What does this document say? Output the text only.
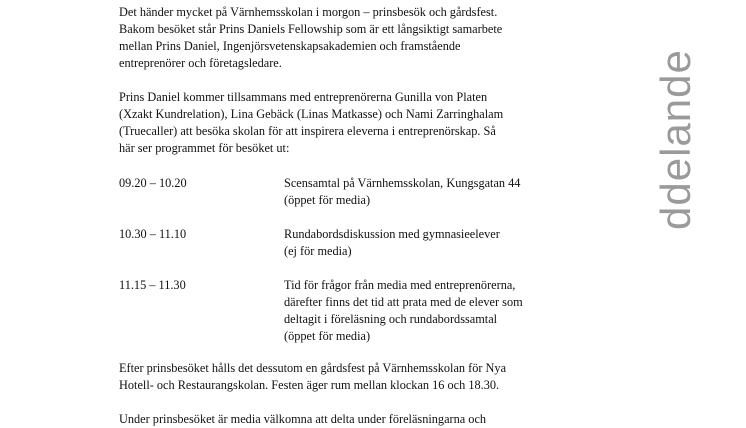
ddelande

Det händer mycket på Värnhemsskolan i morgon – prinsbesök och gårdsfest.

Bakom besöket står Prins Daniels Fellowship som är ett långsiktigt samarbete

mellan Prins Daniel, Ingenjörsvetenskapsakademien och framstående

entreprenörer och företagsledare.

Prins Daniel kommer tillsammans med entreprenörerna Gunilla von Platen

(Xzakt Kundrelation), Lina Gebäck (Linas Matkasse) och Nami Zarringhalam

(Truecaller) att besöka skolan för att inspirera eleverna i entreprenörskap. Så

här ser programmet för besöket ut:

09.20 – 10.20	Scensamtal på Värnhemsskolan, Kungsgatan 44

(öppet för media)

10.30 – 11.10	Rundabordsdiskussion med gymnasieelever

(ej för media)

11.15 – 11.30	Tid för frågor från media med entreprenörerna,

därefter finns det tid att prata med de elever som

deltagit i föreläsning och rundabordssamtal

(öppet för media)

Efter prinsbesöket hålls det dessutom en gårdsfest på Värnhemsskolan för Nya

Hotell- och Restaurangskolan. Festen äger rum mellan klockan 16 och 18.30.

Under prinsbesöket är media välkomna att delta under föreläsningarna och
